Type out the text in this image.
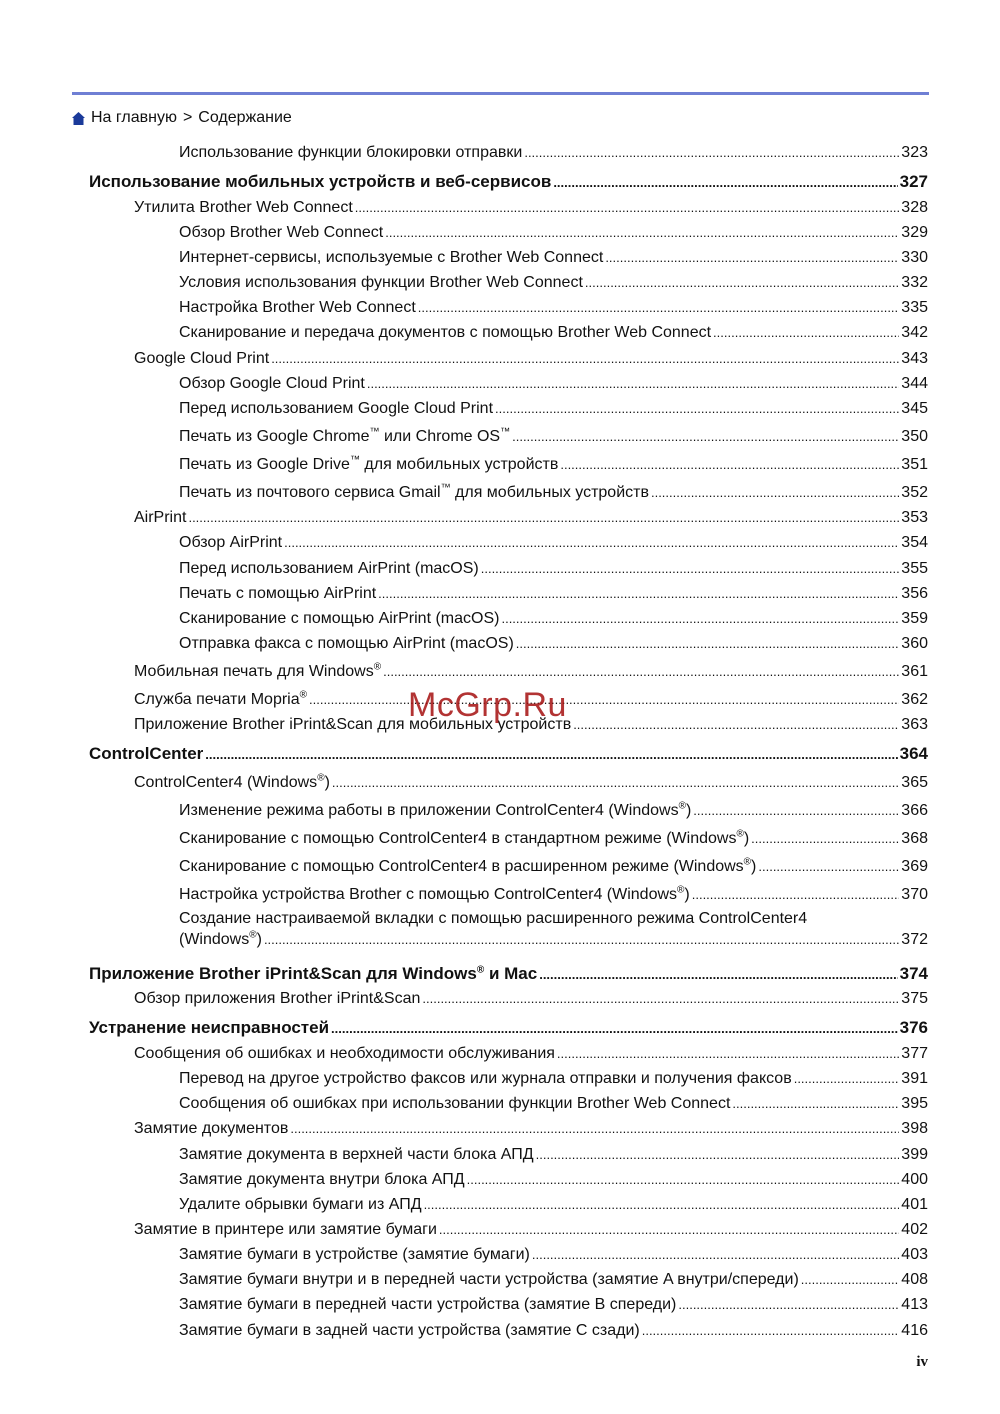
На главную > Содержание
Использование функции блокировки отправки .....	323
Использование мобильных устройств и веб-сервисов .....	327
Утилита Brother Web Connect .....	328
Обзор Brother Web Connect .....	329
Интернет-сервисы, используемые с Brother Web Connect .....	330
Условия использования функции Brother Web Connect .....	332
Настройка Brother Web Connect .....	335
Сканирование и передача документов с помощью Brother Web Connect .....	342
Google Cloud Print .....	343
Обзор Google Cloud Print .....	344
Перед использованием Google Cloud Print .....	345
Печать из Google Chrome™ или Chrome OS™ .....	350
Печать из Google Drive™ для мобильных устройств .....	351
Печать из почтового сервиса Gmail™ для мобильных устройств .....	352
AirPrint .....	353
Обзор AirPrint .....	354
Перед использованием AirPrint (macOS) .....	355
Печать с помощью AirPrint .....	356
Сканирование с помощью AirPrint (macOS) .....	359
Отправка факса с помощью AirPrint (macOS) .....	360
Мобильная печать для Windows® .....	361
Служба печати Mopria® .....	362
Приложение Brother iPrint&Scan для мобильных устройств .....	363
ControlCenter .....	364
ControlCenter4 (Windows®) .....	365
Изменение режима работы в приложении ControlCenter4 (Windows®) .....	366
Сканирование с помощью ControlCenter4 в стандартном режиме (Windows®) .....	368
Сканирование с помощью ControlCenter4 в расширенном режиме (Windows®) .....	369
Настройка устройства Brother с помощью ControlCenter4 (Windows®) .....	370
Создание настраиваемой вкладки с помощью расширенного режима ControlCenter4
(Windows®) .....	372
Приложение Brother iPrint&Scan для Windows® и Mac .....	374
Обзор приложения Brother iPrint&Scan .....	375
Устранение неисправностей .....	376
Сообщения об ошибках и необходимости обслуживания .....	377
Перевод на другое устройство факсов или журнала отправки и получения факсов .....	391
Сообщения об ошибках при использовании функции Brother Web Connect .....	395
Замятие документов .....	398
Замятие документа в верхней части блока АПД .....	399
Замятие документа внутри блока АПД .....	400
Удалите обрывки бумаги из АПД .....	401
Замятие в принтере или замятие бумаги .....	402
Замятие бумаги в устройстве (замятие бумаги) .....	403
Замятие бумаги внутри и в передней части устройства (замятие A внутри/спереди) .....	408
Замятие бумаги в передней части устройства (замятие B спереди) .....	413
Замятие бумаги в задней части устройства (замятие C сзади) .....	416
McGrp.Ru
iv
